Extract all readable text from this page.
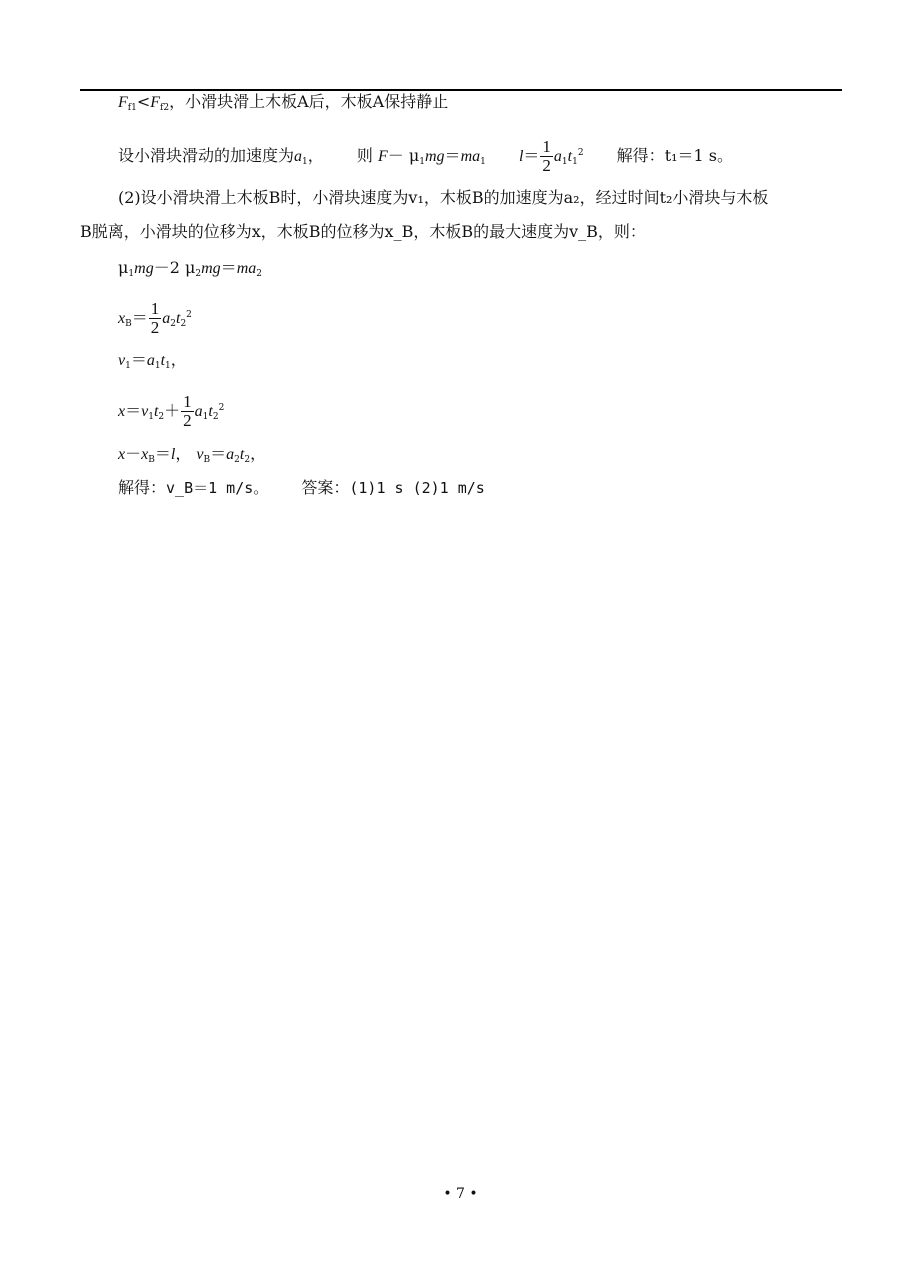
$F_{f1}<F_{f2}$，小滑块滑上木板A后，木板A保持静止
设小滑块滑动的加速度为$a_1$， 则 $F- \mu_1mg=ma_1$ $l= \frac{1}{2} a_1t_1^2$ 解得：t₁＝1 s。
(2)设小滑块滑上木板B时，小滑块速度为v₁，木板B的加速度为a₂，经过时间t₂小滑块与木板
B脱离，小滑块的位移为x，木板B的位移为x_B，木板B的最大速度为v_B，则：
$\mu_1mg-2$ $\mu_2mg=ma_2$
$x_B= \frac{1}{2} a_2t_2^2$
$v_1=a_1t_1$，
$x=v_1t_2+ \frac{1}{2} a_1t_2^2$
$x-x_B=l$， $v_B=a_2t_2$，
解得：v_B＝1 m/s。 答案：(1)1 s (2)1 m/s
• 7 •
